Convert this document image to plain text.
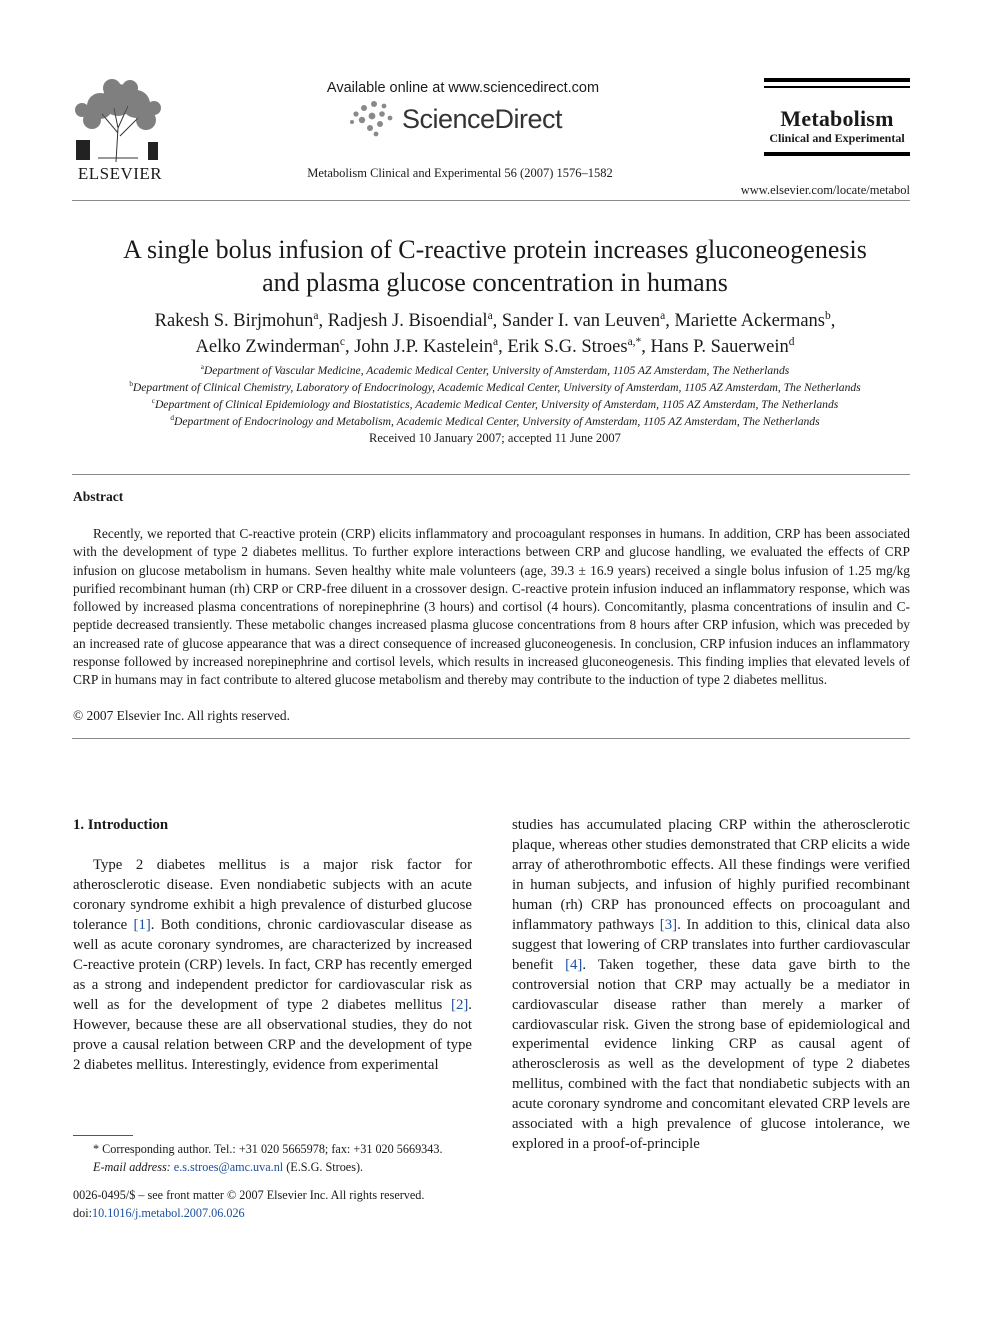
ELSEVIER
Available online at www.sciencedirect.com
ScienceDirect
Metabolism Clinical and Experimental 56 (2007) 1576–1582
Metabolism
Clinical and Experimental
www.elsevier.com/locate/metabol
A single bolus infusion of C-reactive protein increases gluconeogenesis
and plasma glucose concentration in humans
Rakesh S. Birjmohun$^a$, Radjesh J. Bisoendial$^a$, Sander I. van Leuven$^a$, Mariette Ackermans$^b$,
Aelko Zwinderman$^c$, John J.P. Kastelein$^a$, Erik S.G. Stroes$^{a,*}$, Hans P. Sauerwein$^d$
$^a$Department of Vascular Medicine, Academic Medical Center, University of Amsterdam, 1105 AZ Amsterdam, The Netherlands
$^b$Department of Clinical Chemistry, Laboratory of Endocrinology, Academic Medical Center, University of Amsterdam, 1105 AZ Amsterdam, The Netherlands
$^c$Department of Clinical Epidemiology and Biostatistics, Academic Medical Center, University of Amsterdam, 1105 AZ Amsterdam, The Netherlands
$^d$Department of Endocrinology and Metabolism, Academic Medical Center, University of Amsterdam, 1105 AZ Amsterdam, The Netherlands
Received 10 January 2007; accepted 11 June 2007
Abstract
Recently, we reported that C-reactive protein (CRP) elicits inflammatory and procoagulant responses in humans. In addition, CRP has been associated with the development of type 2 diabetes mellitus. To further explore interactions between CRP and glucose handling, we evaluated the effects of CRP infusion on glucose metabolism in humans. Seven healthy white male volunteers (age, 39.3 ± 16.9 years) received a single bolus infusion of 1.25 mg/kg purified recombinant human (rh) CRP or CRP-free diluent in a crossover design. C-reactive protein infusion induced an inflammatory response, which was followed by increased plasma concentrations of norepinephrine (3 hours) and cortisol (4 hours). Concomitantly, plasma concentrations of insulin and C-peptide decreased transiently. These metabolic changes increased plasma glucose concentrations from 8 hours after CRP infusion, which was preceded by an increased rate of glucose appearance that was a direct consequence of increased gluconeogenesis. In conclusion, CRP infusion induces an inflammatory response followed by increased norepinephrine and cortisol levels, which results in increased gluconeogenesis. This finding implies that elevated levels of CRP in humans may in fact contribute to altered glucose metabolism and thereby may contribute to the induction of type 2 diabetes mellitus.
© 2007 Elsevier Inc. All rights reserved.
1. Introduction
Type 2 diabetes mellitus is a major risk factor for atherosclerotic disease. Even nondiabetic subjects with an acute coronary syndrome exhibit a high prevalence of disturbed glucose tolerance [1]. Both conditions, chronic cardiovascular disease as well as acute coronary syndromes, are characterized by increased C-reactive protein (CRP) levels. In fact, CRP has recently emerged as a strong and independent predictor for cardiovascular risk as well as for the development of type 2 diabetes mellitus [2]. However, because these are all observational studies, they do not prove a causal relation between CRP and the development of type 2 diabetes mellitus. Interestingly, evidence from experimental
studies has accumulated placing CRP within the atherosclerotic plaque, whereas other studies demonstrated that CRP elicits a wide array of atherothrombotic effects. All these findings were verified in human subjects, and infusion of highly purified recombinant human (rh) CRP has pronounced effects on procoagulant and inflammatory pathways [3]. In addition to this, clinical data also suggest that lowering of CRP translates into further cardiovascular benefit [4]. Taken together, these data gave birth to the controversial notion that CRP may actually be a mediator in cardiovascular disease rather than merely a marker of cardiovascular risk. Given the strong base of epidemiological and experimental evidence linking CRP as causal agent of atherosclerosis as well as the development of type 2 diabetes mellitus, combined with the fact that nondiabetic subjects with an acute coronary syndrome and concomitant elevated CRP levels are associated with a high prevalence of glucose intolerance, we explored in a proof-of-principle
* Corresponding author. Tel.: +31 020 5665978; fax: +31 020 5669343.
E-mail address: e.s.stroes@amc.uva.nl (E.S.G. Stroes).
0026-0495/$ – see front matter © 2007 Elsevier Inc. All rights reserved.
doi:10.1016/j.metabol.2007.06.026
